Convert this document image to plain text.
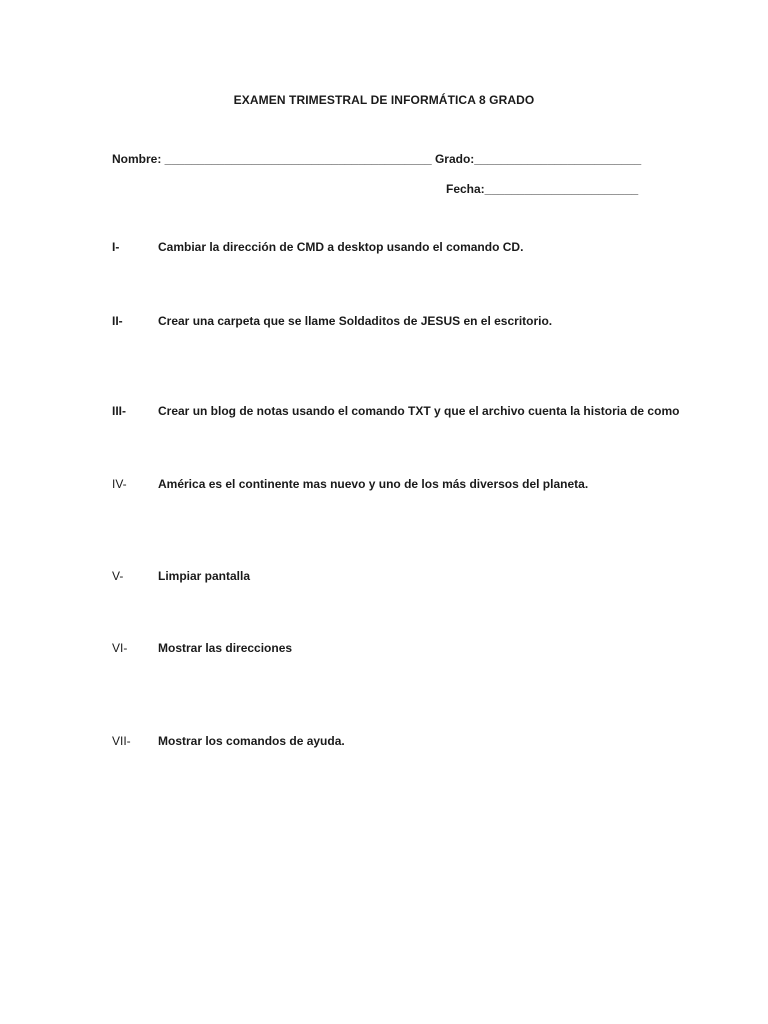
EXAMEN TRIMESTRAL DE INFORMÁTICA 8 GRADO
Nombre: ________________________________________ Grado:_________________________
Fecha:_______________________
I-	Cambiar la dirección de CMD a desktop usando el comando CD.
II-	Crear una carpeta que se llame Soldaditos de JESUS en el escritorio.
III-	Crear un blog de notas usando el comando TXT y que el archivo cuenta la historia de como
IV-	América es el continente mas nuevo y uno de los más diversos del planeta.
V-	Limpiar pantalla
VI-	Mostrar las direcciones
VII-	Mostrar los comandos de ayuda.
